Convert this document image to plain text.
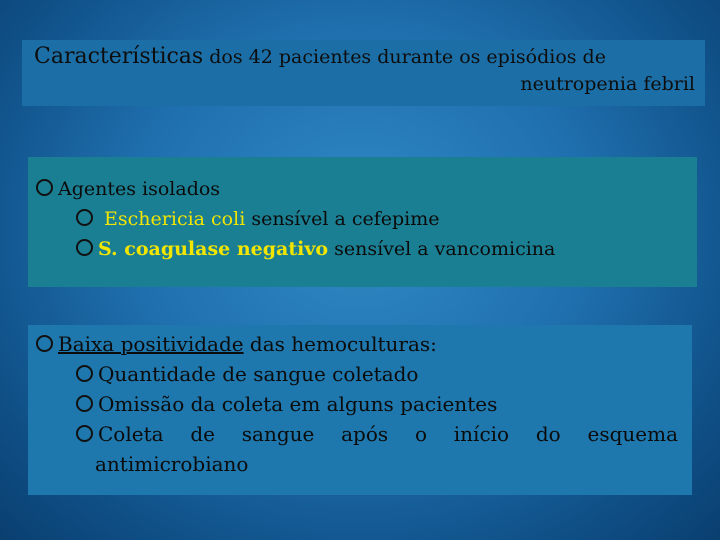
Características dos 42 pacientes durante os episódios de
neutropenia febril
Agentes isolados
Eschericia coli sensível a cefepime
S. coagulase negativo sensível a vancomicina
Baixa positividade das hemoculturas:
Quantidade de sangue coletado
Omissão da coleta em alguns pacientes
Coleta de sangue após o início do esquema
antimicrobiano
